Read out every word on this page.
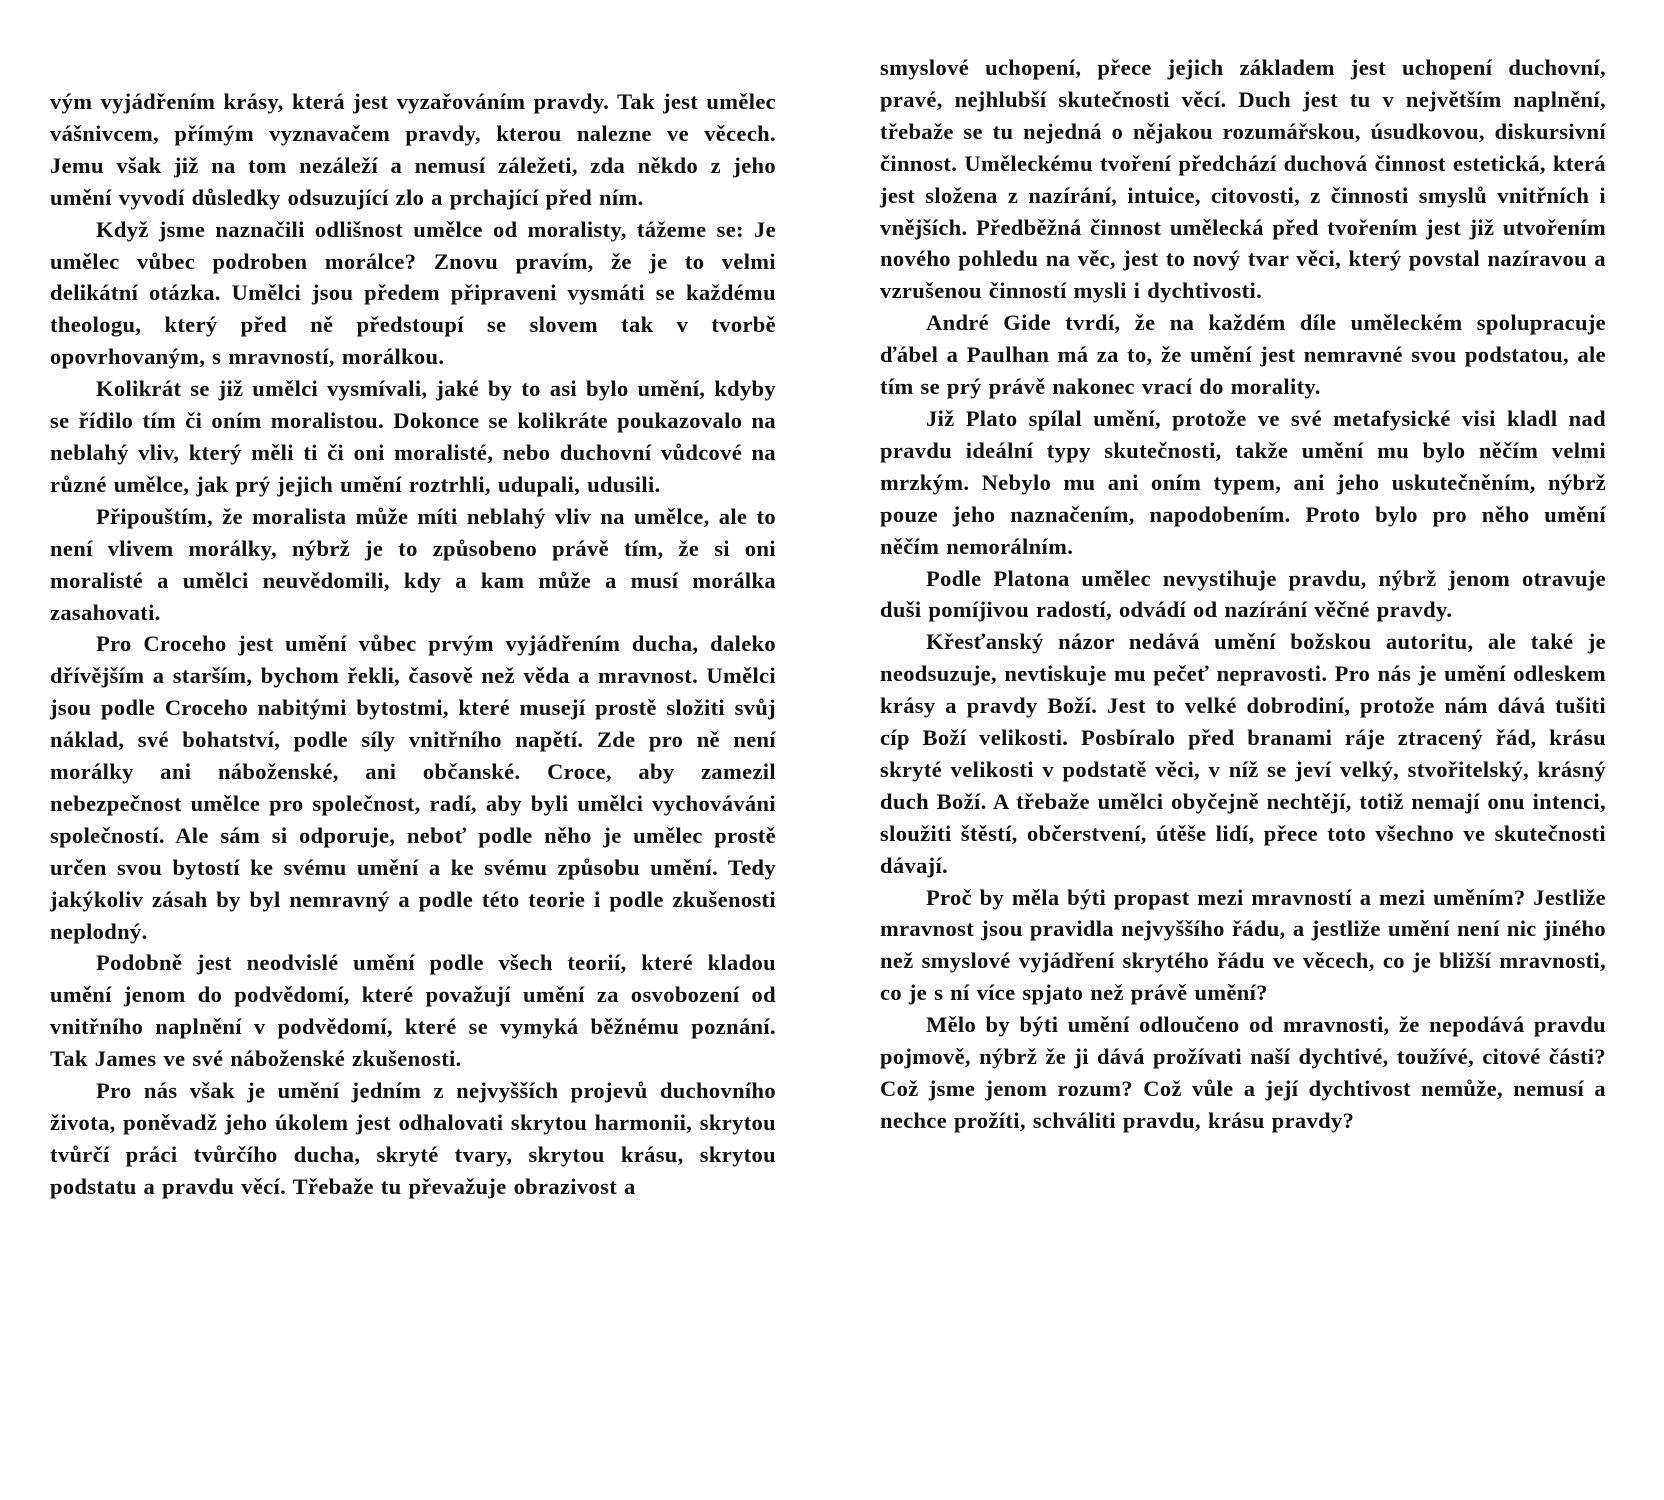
vým vyjádřením krásy, která jest vyzařováním pravdy. Tak jest umělec vášnivcem, přímým vyznavačem pravdy, kterou nalezne ve věcech. Jemu však již na tom nezáleží a nemusí záležeti, zda někdo z jeho umění vyvodí důsledky odsuzující zlo a prchající před ním.

Když jsme naznačili odlišnost umělce od moralisty, tážeme se: Je umělec vůbec podroben morálce? Znovu pravím, že je to velmi delikátní otázka. Umělci jsou předem připraveni vysmáti se každému theologu, který před ně předstoupí se slovem tak v tvorbě opovrhovaným, s mravností, morálkou.

Kolikrát se již umělci vysmívali, jaké by to asi bylo umění, kdyby se řídilo tím či oním moralistou. Dokonce se kolikráte poukazovalo na neblahý vliv, který měli ti či oni moralisté, nebo duchovní vůdcové na různé umělce, jak prý jejich umění roztrhli, udupali, udusili.

Připouštím, že moralista může míti neblahý vliv na umělce, ale to není vlivem morálky, nýbrž je to způsobeno právě tím, že si oni moralisté a umělci neuvědomili, kdy a kam může a musí morálka zasahovati.

Pro Croceho jest umění vůbec prvým vyjádřením ducha, daleko dřívějším a starším, bychom řekli, časově než věda a mravnost. Umělci jsou podle Croceho nabitými bytostmi, které musejí prostě složiti svůj náklad, své bohatství, podle síly vnitřního napětí. Zde pro ně není morálky ani náboženské, ani občanské. Croce, aby zamezil nebezpečnost umělce pro společnost, radí, aby byli umělci vychováváni společností. Ale sám si odporuje, neboť podle něho je umělec prostě určen svou bytostí ke svému umění a ke svému způsobu umění. Tedy jakýkoliv zásah by byl nemravný a podle této teorie i podle zkušenosti neplodný.

Podobně jest neodvislé umění podle všech teorií, které kladou umění jenom do podvědomí, které považují umění za osvobození od vnitřního naplnění v podvědomí, které se vymyká běžnému poznání. Tak James ve své náboženské zkušenosti.

Pro nás však je umění jedním z nejvyšších projevů duchovního života, poněvadž jeho úkolem jest odhalovati skrytou harmonii, skrytou tvůrčí práci tvůrčího ducha, skryté tvary, skrytou krásu, skrytou podstatu a pravdu věcí. Třebaže tu převažuje obrazivost a

smyslové uchopení, přece jejich základem jest uchopení duchovní, pravé, nejhlubší skutečnosti věcí. Duch jest tu v největším naplnění, třebaže se tu nejedná o nějakou rozumářskou, úsudkovou, diskursivní činnost. Uměleckému tvoření předchází duchová činnost estetická, která jest složena z nazírání, intuice, citovosti, z činnosti smyslů vnitřních i vnějších. Předběžná činnost umělecká před tvořením jest již utvořením nového pohledu na věc, jest to nový tvar věci, který povstal nazíravou a vzrušenou činností mysli i dychtivosti.

André Gide tvrdí, že na každém díle uměleckém spolupracuje ďábel a Paulhan má za to, že umění jest nemravné svou podstatou, ale tím se prý právě nakonec vrací do morality.

Již Plato spílal umění, protože ve své metafysické visi kladl nad pravdu ideální typy skutečnosti, takže umění mu bylo něčím velmi mrzkým. Nebylo mu ani oním typem, ani jeho uskutečněním, nýbrž pouze jeho naznačením, napodobením. Proto bylo pro něho umění něčím nemorálním.

Podle Platona umělec nevystihuje pravdu, nýbrž jenom otravuje duši pomíjivou radostí, odvádí od nazírání věčné pravdy.

Křesťanský názor nedává umění božskou autoritu, ale také je neodsuzuje, nevtiskuje mu pečeť nepravosti. Pro nás je umění odleskem krásy a pravdy Boží. Jest to velké dobrodiní, protože nám dává tušiti cíp Boží velikosti. Posbíralo před branami ráje ztracený řád, krásu skryté velikosti v podstatě věci, v níž se jeví velký, stvořitelský, krásný duch Boží. A třebaže umělci obyčejně nechtějí, totiž nemají onu intenci, sloužiti štěstí, občerstvení, útěše lidí, přece toto všechno ve skutečnosti dávají.

Proč by měla býti propast mezi mravností a mezi uměním? Jestliže mravnost jsou pravidla nejvyššího řádu, a jestliže umění není nic jiného než smyslové vyjádření skrytého řádu ve věcech, co je bližší mravnosti, co je s ní více spjato než právě umění?

Mělo by býti umění odloučeno od mravnosti, že nepodává pravdu pojmově, nýbrž že ji dává prožívati naší dychtivé, toužívé, citové části? Což jsme jenom rozum? Což vůle a její dychtivost nemůže, nemusí a nechce prožíti, schváliti pravdu, krásu pravdy?
